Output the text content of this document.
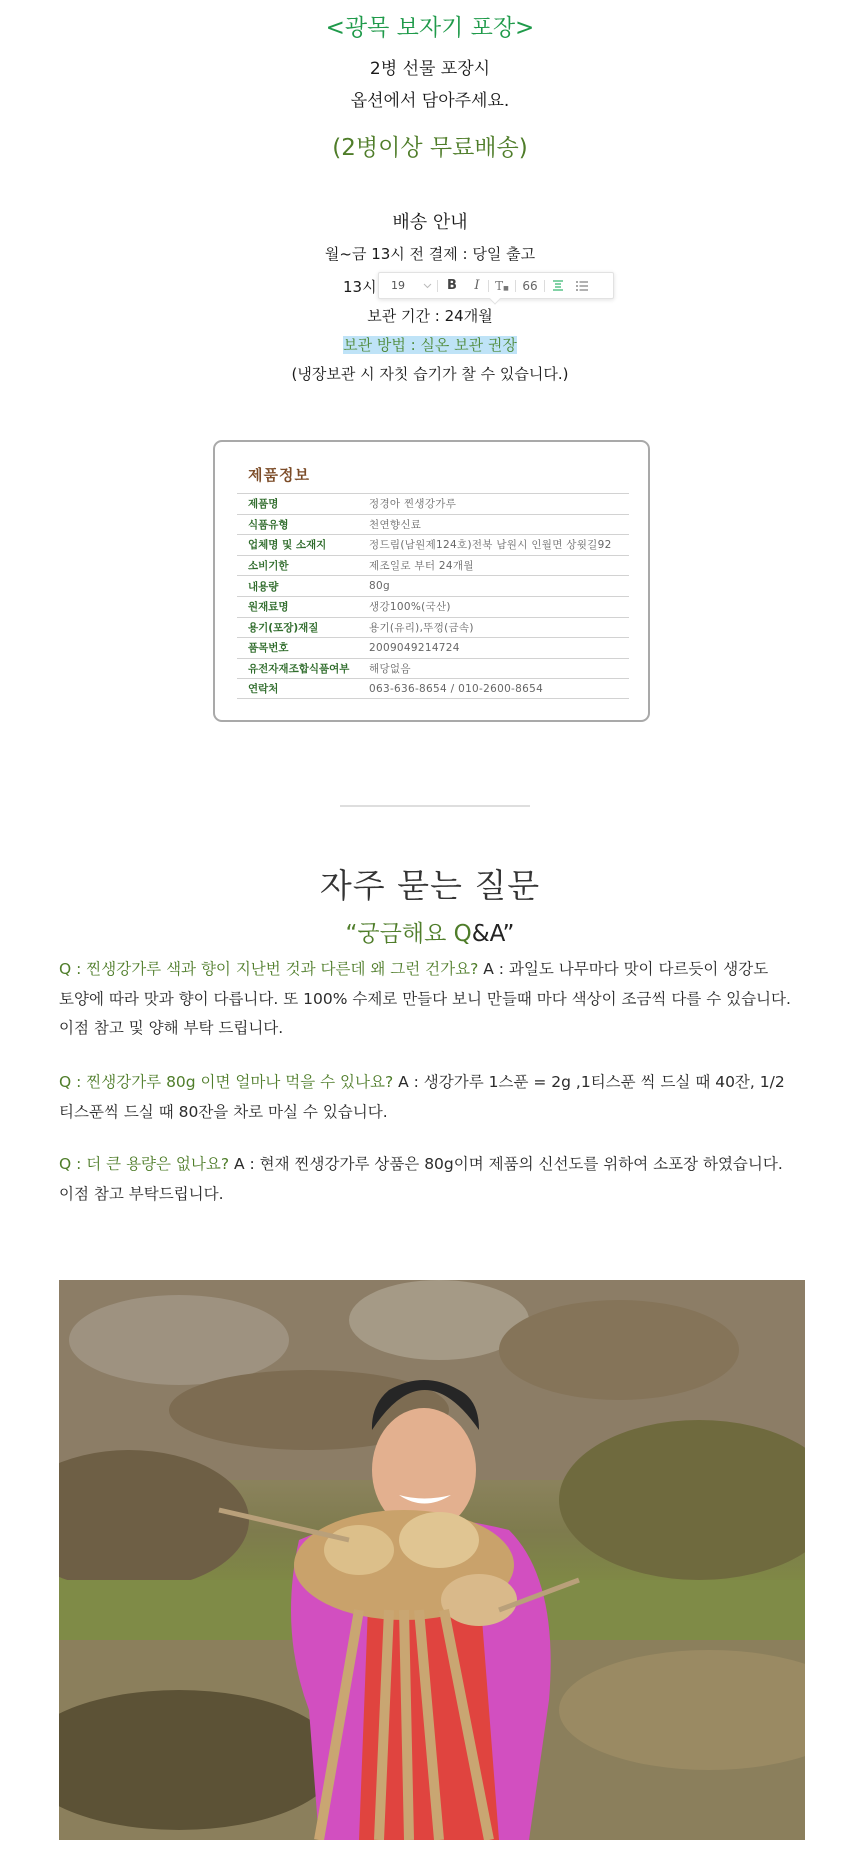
<광목 보자기 포장>
2병 선물 포장시
옵션에서 담아주세요.
(2병이상 무료배송)
배송 안내
월~금 13시 전 결제 : 당일 출고
13시 19	B I T ■ 66
보관 기간 : 24개월
보관 방법 : 실온 보관 권장
(냉장보관 시 자칫 습기가 찰 수 있습니다.)
제품정보
제품명	정경아 찐생강가루
식품유형	천연향신료
업체명 및 소재지	정드림(남원제124호)전북 남원시 인월면 상윗길92
소비기한	제조일로 부터 24개월
내용량	80g
원재료명	생강100%(국산)
용기(포장)재질	용기(유리),뚜껑(금속)
품목번호	2009049214724
유전자재조합식품여부	해당없음
연락처	063-636-8654 / 010-2600-8654
자주 묻는 질문
“궁금해요 Q&A”
Q : 찐생강가루 색과 향이 지난번 것과 다른데 왜 그런 건가요? A : 과일도 나무마다 맛이 다르듯이 생강도 토양에 따라 맛과 향이 다릅니다. 또 100% 수제로 만들다 보니 만들때 마다 색상이 조금씩 다를 수 있습니다. 이점 참고 및 양해 부탁 드립니다.
Q : 찐생강가루 80g 이면 얼마나 먹을 수 있나요? A : 생강가루 1스푼 = 2g ,1티스푼 씩 드실 때 40잔, 1/2 티스푼씩 드실 때 80잔을 차로 마실 수 있습니다.
Q : 더 큰 용량은 없나요? A : 현재 찐생강가루 상품은 80g이며 제품의 신선도를 위하여 소포장 하였습니다. 이점 참고 부탁드립니다.
